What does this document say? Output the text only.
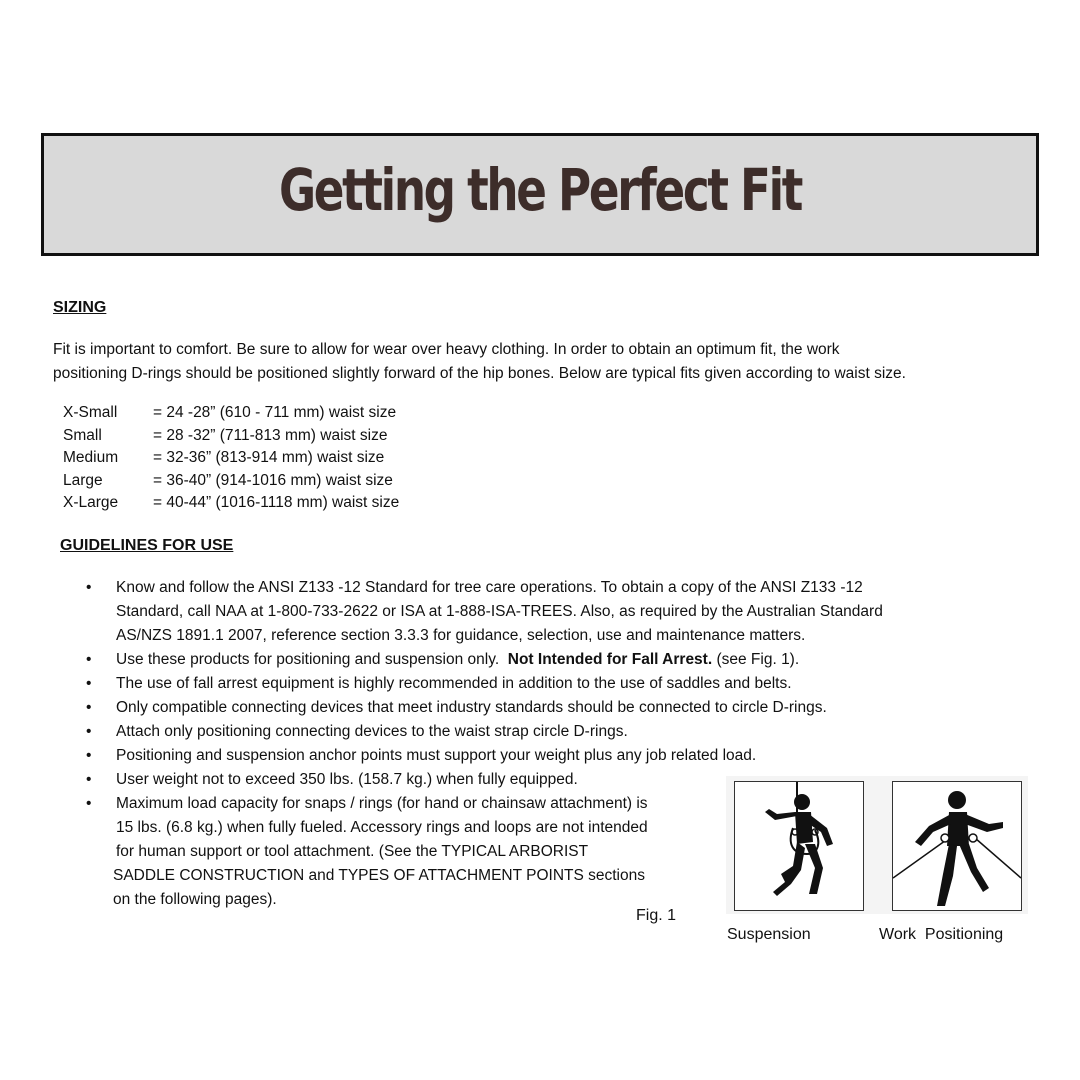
Getting the Perfect Fit
SIZING
Fit is important to comfort. Be sure to allow for wear over heavy clothing. In order to obtain an optimum fit, the work
positioning D-rings should be positioned slightly forward of the hip bones. Below are typical fits given according to waist size.
X-Small	= 24 -28” (610 - 711 mm) waist size
Small	= 28 -32” (711-813 mm) waist size
Medium	= 32-36” (813-914 mm) waist size
Large	= 36-40” (914-1016 mm) waist size
X-Large	= 40-44” (1016-1118 mm) waist size
GUIDELINES FOR USE
• Know and follow the ANSI Z133 -12 Standard for tree care operations. To obtain a copy of the ANSI Z133 -12
Standard, call NAA at 1-800-733-2622 or ISA at 1-888-ISA-TREES. Also, as required by the Australian Standard
AS/NZS 1891.1 2007, reference section 3.3.3 for guidance, selection, use and maintenance matters.
• Use these products for positioning and suspension only.  Not Intended for Fall Arrest. (see Fig. 1).
• The use of fall arrest equipment is highly recommended in addition to the use of saddles and belts.
• Only compatible connecting devices that meet industry standards should be connected to circle D-rings.
• Attach only positioning connecting devices to the waist strap circle D-rings.
• Positioning and suspension anchor points must support your weight plus any job related load.
• User weight not to exceed 350 lbs. (158.7 kg.) when fully equipped.
• Maximum load capacity for snaps / rings (for hand or chainsaw attachment) is
15 lbs. (6.8 kg.) when fully fueled. Accessory rings and loops are not intended
for human support or tool attachment. (See the TYPICAL ARBORIST
SADDLE CONSTRUCTION and TYPES OF ATTACHMENT POINTS sections
on the following pages).
Fig. 1
Suspension	Work  Positioning
